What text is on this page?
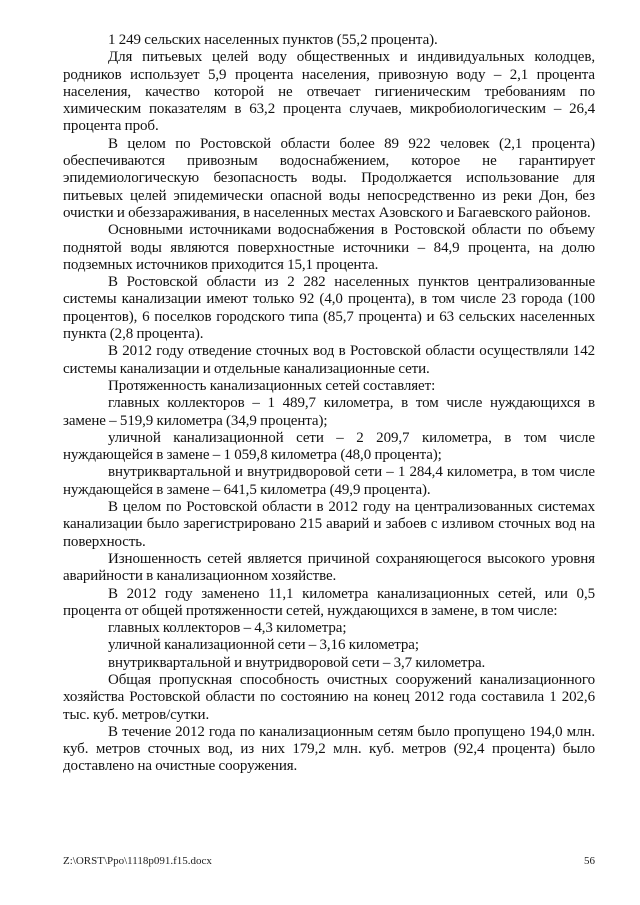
1 249 сельских населенных пунктов (55,2 процента).

Для питьевых целей воду общественных и индивидуальных колодцев, родников использует 5,9 процента населения, привозную воду – 2,1 процента населения, качество которой не отвечает гигиеническим требованиям по химическим показателям в 63,2 процента случаев, микробиологическим – 26,4 процента проб.

В целом по Ростовской области более 89 922 человек (2,1 процента) обеспечиваются привозным водоснабжением, которое не гарантирует эпидемиологическую безопасность воды. Продолжается использование для питьевых целей эпидемически опасной воды непосредственно из реки Дон, без очистки и обеззараживания, в населенных местах Азовского и Багаевского районов.

Основными источниками водоснабжения в Ростовской области по объему поднятой воды являются поверхностные источники – 84,9 процента, на долю подземных источников приходится 15,1 процента.

В Ростовской области из 2 282 населенных пунктов централизованные системы канализации имеют только 92 (4,0 процента), в том числе 23 города (100 процентов), 6 поселков городского типа (85,7 процента) и 63 сельских населенных пункта (2,8 процента).

В 2012 году отведение сточных вод в Ростовской области осуществляли 142 системы канализации и отдельные канализационные сети.

Протяженность канализационных сетей составляет:

главных коллекторов – 1 489,7 километра, в том числе нуждающихся в замене – 519,9 километра (34,9 процента);

уличной канализационной сети – 2 209,7 километра, в том числе нуждающейся в замене – 1 059,8 километра (48,0 процента);

внутриквартальной и внутридворовой сети – 1 284,4 километра, в том числе нуждающейся в замене – 641,5 километра (49,9 процента).

В целом по Ростовской области в 2012 году на централизованных системах канализации было зарегистрировано 215 аварий и забоев с изливом сточных вод на поверхность.

Изношенность сетей является причиной сохраняющегося высокого уровня аварийности в канализационном хозяйстве.

В 2012 году заменено 11,1 километра канализационных сетей, или 0,5 процента от общей протяженности сетей, нуждающихся в замене, в том числе:

главных коллекторов – 4,3 километра;

уличной канализационной сети – 3,16 километра;

внутриквартальной и внутридворовой сети – 3,7 километра.

Общая пропускная способность очистных сооружений канализационного хозяйства Ростовской области по состоянию на конец 2012 года составила 1 202,6 тыс. куб. метров/сутки.

В течение 2012 года по канализационным сетям было пропущено 194,0 млн. куб. метров сточных вод, из них 179,2 млн. куб. метров (92,4 процента) было доставлено на очистные сооружения.

Z:\ORST\Ppo\1118p091.f15.docx	56
